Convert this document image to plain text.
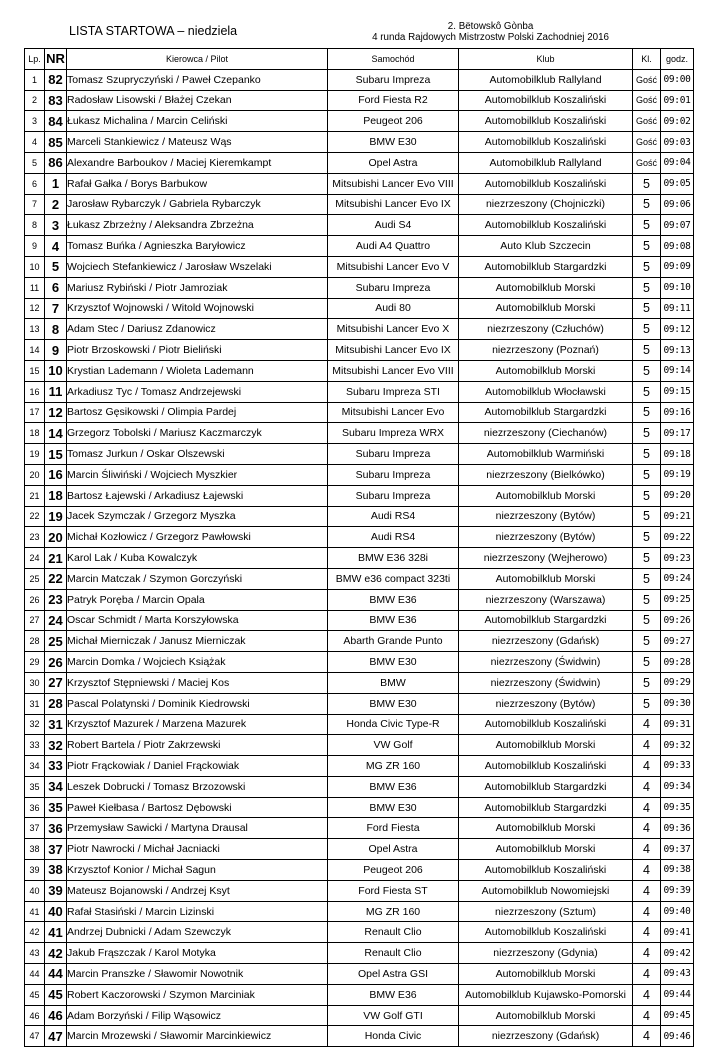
LISTA STARTOWA – niedziela	2. Bëtowskô Gònba
4 runda Rajdowych Mistrzostw Polski Zachodniej 2016
Lp.	NR	Kierowca / Pilot	Samochód	Klub	Kl.	godz.
1	82	Tomasz Szupryczyński / Paweł Czepanko	Subaru Impreza	Automobilklub Rallyland	Gość	09:00
2	83	Radosław Lisowski / Błażej Czekan	Ford Fiesta R2	Automobilklub Koszaliński	Gość	09:01
3	84	Łukasz Michalina / Marcin Celiński	Peugeot 206	Automobilklub Koszaliński	Gość	09:02
4	85	Marceli Stankiewicz / Mateusz Wąs	BMW E30	Automobilklub Koszaliński	Gość	09:03
5	86	Alexandre Barboukov / Maciej Kieremkampt	Opel Astra	Automobilklub Rallyland	Gość	09:04
6	1	Rafał Gałka / Borys Barbukow	Mitsubishi Lancer Evo VIII	Automobilklub Koszaliński	5	09:05
7	2	Jarosław Rybarczyk / Gabriela Rybarczyk	Mitsubishi Lancer Evo IX	niezrzeszony (Chojniczki)	5	09:06
8	3	Łukasz Zbrzeżny / Aleksandra Zbrzeżna	Audi S4	Automobilklub Koszaliński	5	09:07
9	4	Tomasz Buńka / Agnieszka Baryłowicz	Audi A4 Quattro	Auto Klub Szczecin	5	09:08
10	5	Wojciech Stefankiewicz / Jarosław Wszelaki	Mitsubishi Lancer Evo V	Automobilklub Stargardzki	5	09:09
11	6	Mariusz Rybiński / Piotr Jamroziak	Subaru Impreza	Automobilklub Morski	5	09:10
12	7	Krzysztof Wojnowski / Witold Wojnowski	Audi 80	Automobilklub Morski	5	09:11
13	8	Adam Stec / Dariusz Zdanowicz	Mitsubishi Lancer Evo X	niezrzeszony (Człuchów)	5	09:12
14	9	Piotr Brzoskowski / Piotr Bieliński	Mitsubishi Lancer Evo IX	niezrzeszony (Poznań)	5	09:13
15	10	Krystian Lademann / Wioleta Lademann	Mitsubishi Lancer Evo VIII	Automobilklub Morski	5	09:14
16	11	Arkadiusz Tyc / Tomasz Andrzejewski	Subaru Impreza STI	Automobilklub Włocławski	5	09:15
17	12	Bartosz Gęsikowski / Olimpia Pardej	Mitsubishi Lancer Evo	Automobilklub Stargardzki	5	09:16
18	14	Grzegorz Tobolski / Mariusz Kaczmarczyk	Subaru Impreza WRX	niezrzeszony (Ciechanów)	5	09:17
19	15	Tomasz Jurkun / Oskar Olszewski	Subaru Impreza	Automobilklub Warmiński	5	09:18
20	16	Marcin Śliwiński / Wojciech Myszkier	Subaru Impreza	niezrzeszony (Bielkówko)	5	09:19
21	18	Bartosz Łajewski / Arkadiusz Łajewski	Subaru Impreza	Automobilklub Morski	5	09:20
22	19	Jacek Szymczak / Grzegorz Myszka	Audi RS4	niezrzeszony (Bytów)	5	09:21
23	20	Michał Kozłowicz / Grzegorz Pawłowski	Audi RS4	niezrzeszony (Bytów)	5	09:22
24	21	Karol Lak / Kuba Kowalczyk	BMW E36 328i	niezrzeszony (Wejherowo)	5	09:23
25	22	Marcin Matczak / Szymon Gorczyński	BMW e36 compact 323ti	Automobilklub Morski	5	09:24
26	23	Patryk Poręba / Marcin Opala	BMW E36	niezrzeszony (Warszawa)	5	09:25
27	24	Oscar Schmidt / Marta Korszyłowska	BMW E36	Automobilklub Stargardzki	5	09:26
28	25	Michał Mierniczak / Janusz Mierniczak	Abarth Grande Punto	niezrzeszony (Gdańsk)	5	09:27
29	26	Marcin Domka / Wojciech Książak	BMW E30	niezrzeszony (Świdwin)	5	09:28
30	27	Krzysztof Stępniewski / Maciej Kos	BMW	niezrzeszony (Świdwin)	5	09:29
31	28	Pascal Polatynski / Dominik Kiedrowski	BMW E30	niezrzeszony (Bytów)	5	09:30
32	31	Krzysztof Mazurek / Marzena Mazurek	Honda Civic Type-R	Automobilklub Koszaliński	4	09:31
33	32	Robert Bartela / Piotr Zakrzewski	VW Golf	Automobilklub Morski	4	09:32
34	33	Piotr Frąckowiak / Daniel Frąckowiak	MG ZR 160	Automobilklub Koszaliński	4	09:33
35	34	Leszek Dobrucki / Tomasz Brzozowski	BMW E36	Automobilklub Stargardzki	4	09:34
36	35	Paweł Kiełbasa / Bartosz Dębowski	BMW E30	Automobilklub Stargardzki	4	09:35
37	36	Przemysław Sawicki / Martyna Drausal	Ford Fiesta	Automobilklub Morski	4	09:36
38	37	Piotr Nawrocki / Michał Jacniacki	Opel Astra	Automobilklub Morski	4	09:37
39	38	Krzysztof Konior / Michał Sagun	Peugeot 206	Automobilklub Koszaliński	4	09:38
40	39	Mateusz Bojanowski / Andrzej Ksyt	Ford Fiesta ST	Automobilklub Nowomiejski	4	09:39
41	40	Rafał Stasiński / Marcin Lizinski	MG ZR 160	niezrzeszony (Sztum)	4	09:40
42	41	Andrzej Dubnicki / Adam Szewczyk	Renault Clio	Automobilklub Koszaliński	4	09:41
43	42	Jakub Frąszczak / Karol Motyka	Renault Clio	niezrzeszony (Gdynia)	4	09:42
44	44	Marcin Pranszke / Sławomir Nowotnik	Opel Astra GSI	Automobilklub Morski	4	09:43
45	45	Robert Kaczorowski / Szymon Marciniak	BMW E36	Automobilklub Kujawsko-Pomorski	4	09:44
46	46	Adam Borzyński / Filip Wąsowicz	VW Golf GTI	Automobilklub Morski	4	09:45
47	47	Marcin Mrozewski / Sławomir Marcinkiewicz	Honda Civic	niezrzeszony (Gdańsk)	4	09:46
